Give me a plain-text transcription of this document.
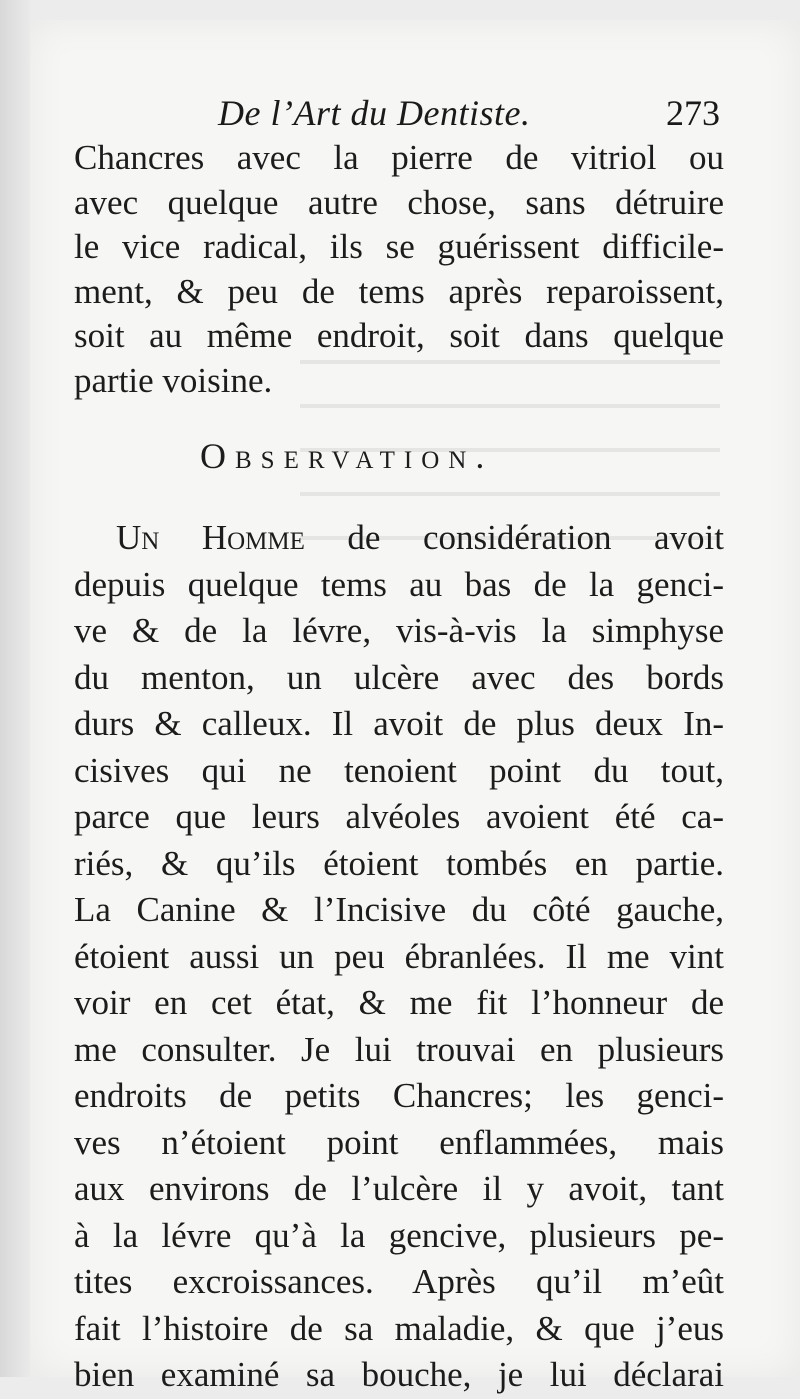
De l’Art du Dentiste.	273
Chancres avec la pierre de vitriol ou
avec quelque autre chose, sans détruire
le vice radical, ils se guérissent difficile-
ment, & peu de tems après reparoissent,
soit au même endroit, soit dans quelque
partie voisine.
Observation.
Un Homme de considération avoit
depuis quelque tems au bas de la genci-
ve & de la lévre, vis-à-vis la simphyse
du menton, un ulcère avec des bords
durs & calleux. Il avoit de plus deux In-
cisives qui ne tenoient point du tout,
parce que leurs alvéoles avoient été ca-
riés, & qu’ils étoient tombés en partie.
La Canine & l’Incisive du côté gauche,
étoient aussi un peu ébranlées. Il me vint
voir en cet état, & me fit l’honneur de
me consulter. Je lui trouvai en plusieurs
endroits de petits Chancres; les genci-
ves n’étoient point enflammées, mais
aux environs de l’ulcère il y avoit, tant
à la lévre qu’à la gencive, plusieurs pe-
tites excroissances. Après qu’il m’eût
fait l’histoire de sa maladie, & que j’eus
bien examiné sa bouche, je lui déclarai
